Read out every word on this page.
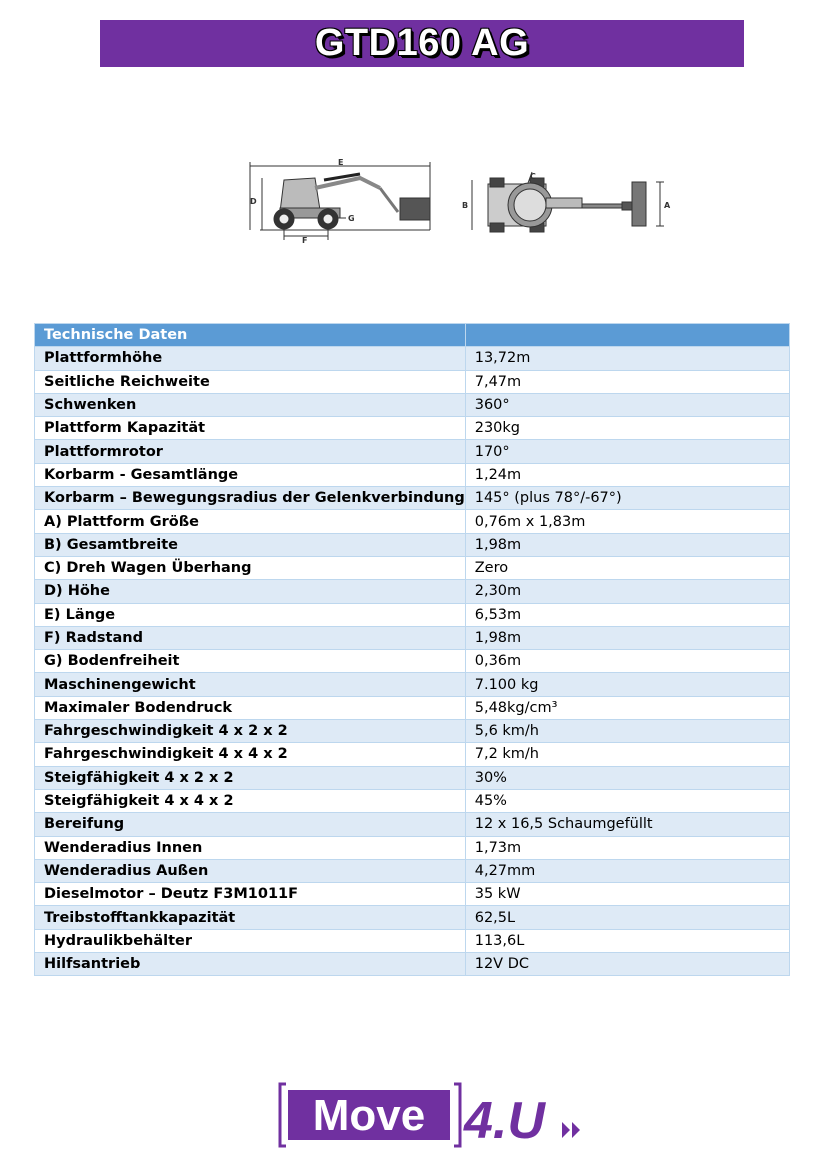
GTD160 AG
E
D
F
G
B
C
A
Technische Daten	
Plattformhöhe	13,72m
Seitliche Reichweite	7,47m
Schwenken	360°
Plattform Kapazität	230kg
Plattformrotor	170°
Korbarm - Gesamtlänge	1,24m
Korbarm – Bewegungsradius der Gelenkverbindung	145° (plus 78°/-67°)
A) Plattform Größe	0,76m x 1,83m
B) Gesamtbreite	1,98m
C) Dreh Wagen Überhang	Zero
D) Höhe	2,30m
E) Länge	6,53m
F) Radstand	1,98m
G) Bodenfreiheit	0,36m
Maschinengewicht	7.100 kg
Maximaler Bodendruck	5,48kg/cm³
Fahrgeschwindigkeit 4 x 2 x 2	5,6 km/h
Fahrgeschwindigkeit 4 x 4 x 2	7,2 km/h
Steigfähigkeit 4 x 2 x 2	30%
Steigfähigkeit 4 x 4 x 2	45%
Bereifung	12 x 16,5 Schaumgefüllt
Wenderadius Innen	1,73m
Wenderadius Außen	4,27mm
Dieselmotor – Deutz F3M1011F	35 kW
Treibstofftankkapazität	62,5L
Hydraulikbehälter	113,6L
Hilfsantrieb	12V DC
Move 4.U
